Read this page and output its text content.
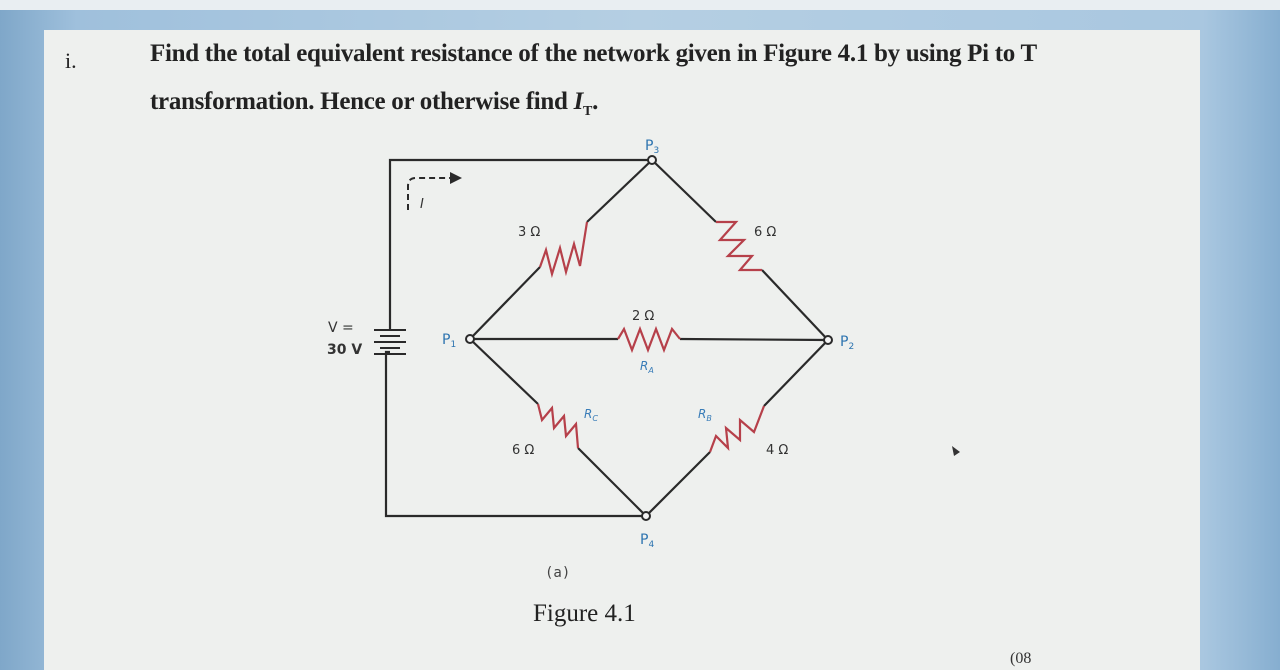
i.	Find the total equivalent resistance of the network given in Figure 4.1 by using Pi to T
transformation. Hence or otherwise find $I_T$.
V =
30 V
I
$P_1$
$P_3$
$P_2$
$P_4$
3 Ω	6 Ω
2 Ω
6 Ω	4 Ω
$R_A$
$R_C$	$R_B$
(a)
Figure 4.1
(08
